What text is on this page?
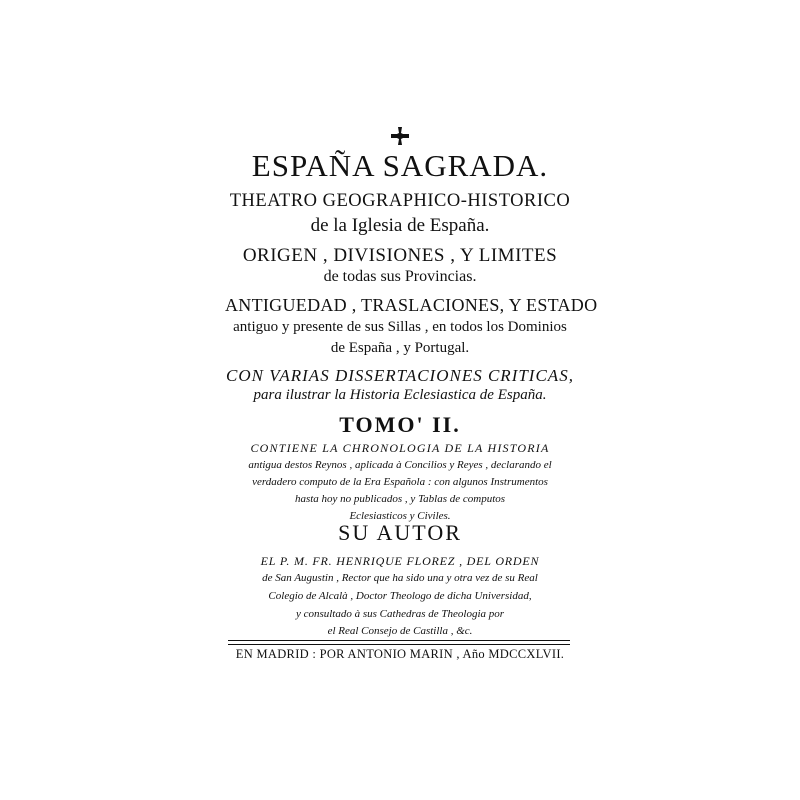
ESPAÑA SAGRADA.
THEATRO GEOGRAPHICO-HISTORICO
de la Iglesia de España.
ORIGEN , DIVISIONES , Y LIMITES
de todas sus Provincias.
ANTIGUEDAD , TRASLACIONES, Y ESTADO
antiguo y presente de sus Sillas , en todos los Dominios
de España , y Portugal.
CON VARIAS DISSERTACIONES CRITICAS,
para ilustrar la Historia Eclesiastica de España.
TOMO' II.
CONTIENE LA CHRONOLOGIA DE LA HISTORIA
antigua destos Reynos , aplicada à Concilios y Reyes , declarando el
verdadero computo de la Era Española : con algunos Instrumentos
hasta hoy no publicados , y Tablas de computos
Eclesiasticos y Civiles.
SU AUTOR
EL P. M. FR. HENRIQUE FLOREZ , DEL ORDEN
de San Augustin , Rector que ha sido una y otra vez de su Real
Colegio de Alcalà , Doctor Theologo de dicha Universidad,
y consultado à sus Cathedras de Theologia por
el Real Consejo de Castilla , &c.
EN MADRID : POR ANTONIO MARIN , Año MDCCXLVII.
